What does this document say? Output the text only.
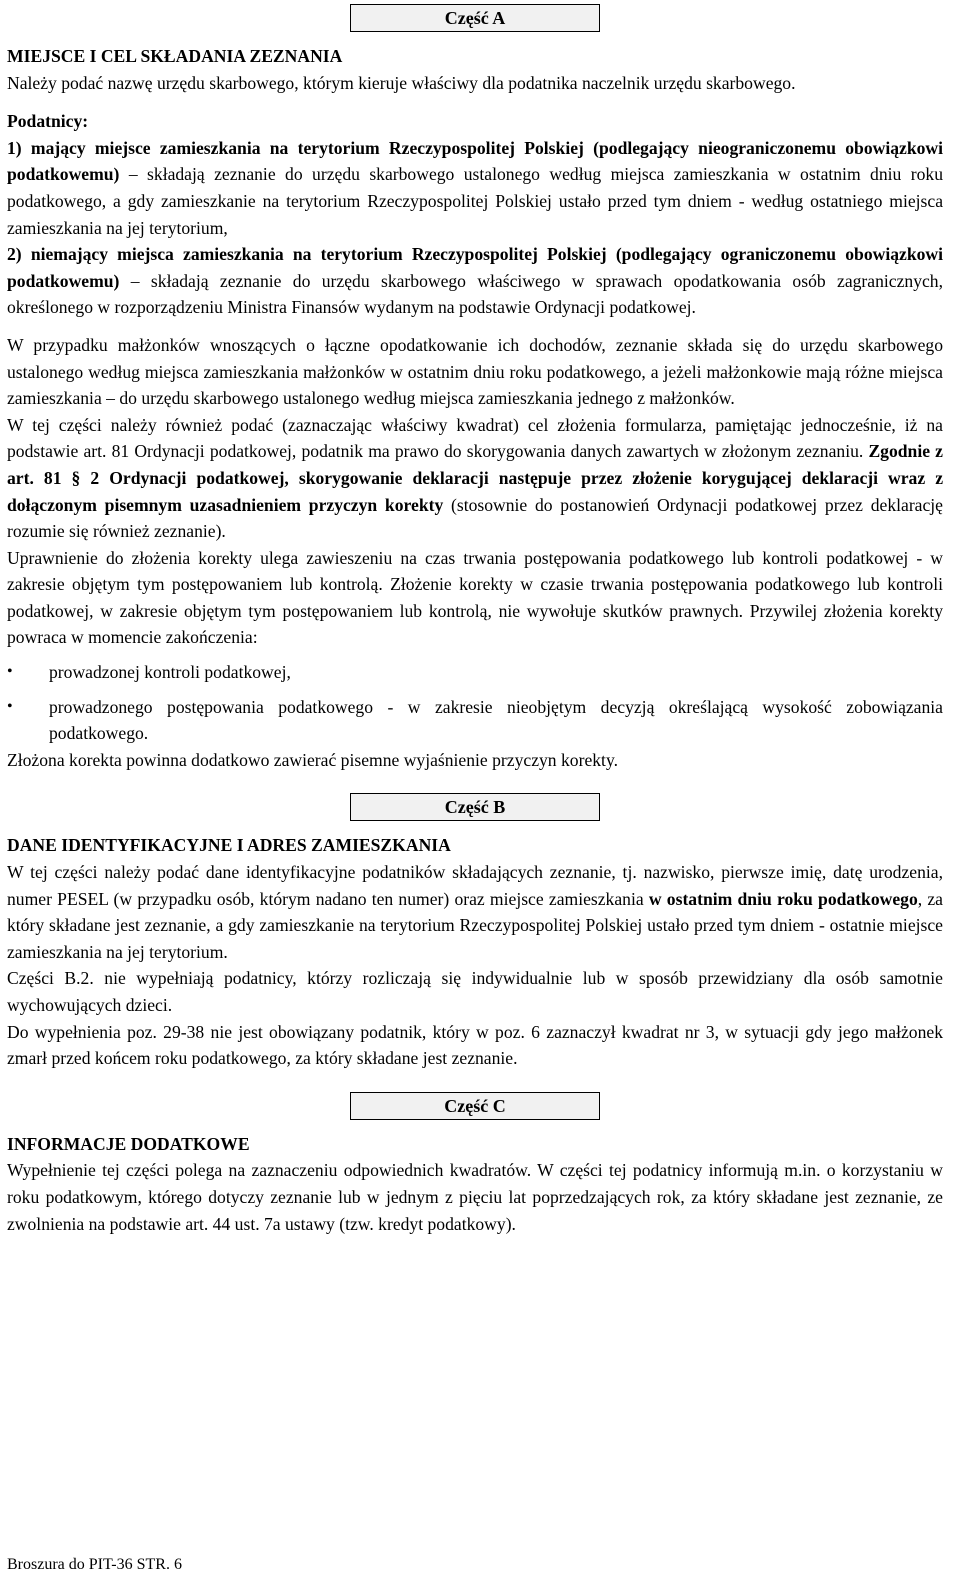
Część A
MIEJSCE I CEL SKŁADANIA ZEZNANIA

Należy podać nazwę urzędu skarbowego, którym kieruje właściwy dla podatnika naczelnik urzędu skarbowego.

Podatnicy:

1) mający miejsce zamieszkania na terytorium Rzeczypospolitej Polskiej (podlegający nieograniczonemu obowiązkowi podatkowemu) – składają zeznanie do urzędu skarbowego ustalonego według miejsca zamieszkania w ostatnim dniu roku podatkowego, a gdy zamieszkanie na terytorium Rzeczypospolitej Polskiej ustało przed tym dniem - według ostatniego miejsca zamieszkania na jej terytorium,

2) niemający miejsca zamieszkania na terytorium Rzeczypospolitej Polskiej (podlegający ograniczonemu obowiązkowi podatkowemu) – składają zeznanie do urzędu skarbowego właściwego w sprawach opodatkowania osób zagranicznych, określonego w rozporządzeniu Ministra Finansów wydanym na podstawie Ordynacji podatkowej.

W przypadku małżonków wnoszących o łączne opodatkowanie ich dochodów, zeznanie składa się do urzędu skarbowego ustalonego według miejsca zamieszkania małżonków w ostatnim dniu roku podatkowego, a jeżeli małżonkowie mają różne miejsca zamieszkania – do urzędu skarbowego ustalonego według miejsca zamieszkania jednego z małżonków.

W tej części należy również podać (zaznaczając właściwy kwadrat) cel złożenia formularza, pamiętając jednocześnie, iż na podstawie art. 81 Ordynacji podatkowej, podatnik ma prawo do skorygowania danych zawartych w złożonym zeznaniu. Zgodnie z art. 81 § 2 Ordynacji podatkowej, skorygowanie deklaracji następuje przez złożenie korygującej deklaracji wraz z dołączonym pisemnym uzasadnieniem przyczyn korekty (stosownie do postanowień Ordynacji podatkowej przez deklarację rozumie się również zeznanie).

Uprawnienie do złożenia korekty ulega zawieszeniu na czas trwania postępowania podatkowego lub kontroli podatkowej - w zakresie objętym tym postępowaniem lub kontrolą. Złożenie korekty w czasie trwania postępowania podatkowego lub kontroli podatkowej, w zakresie objętym tym postępowaniem lub kontrolą, nie wywołuje skutków prawnych. Przywilej złożenia korekty powraca w momencie zakończenia:

•	prowadzonej kontroli podatkowej,
•	prowadzonego postępowania podatkowego - w zakresie nieobjętym decyzją określającą wysokość zobowiązania podatkowego.

Złożona korekta powinna dodatkowo zawierać pisemne wyjaśnienie przyczyn korekty.

Część B
DANE IDENTYFIKACYJNE I ADRES ZAMIESZKANIA

W tej części należy podać dane identyfikacyjne podatników składających zeznanie, tj. nazwisko, pierwsze imię, datę urodzenia, numer PESEL (w przypadku osób, którym nadano ten numer) oraz miejsce zamieszkania w ostatnim dniu roku podatkowego, za który składane jest zeznanie, a gdy zamieszkanie na terytorium Rzeczypospolitej Polskiej ustało przed tym dniem - ostatnie miejsce zamieszkania na jej terytorium.

Części B.2. nie wypełniają podatnicy, którzy rozliczają się indywidualnie lub w sposób przewidziany dla osób samotnie wychowujących dzieci.

Do wypełnienia poz. 29-38 nie jest obowiązany podatnik, który w poz. 6 zaznaczył kwadrat nr 3, w sytuacji gdy jego małżonek zmarł przed końcem roku podatkowego, za który składane jest zeznanie.

Część C
INFORMACJE DODATKOWE

Wypełnienie tej części polega na zaznaczeniu odpowiednich kwadratów. W części tej podatnicy informują m.in. o korzystaniu w roku podatkowym, którego dotyczy zeznanie lub w jednym z pięciu lat poprzedzających rok, za który składane jest zeznanie, ze zwolnienia na podstawie art. 44 ust. 7a ustawy (tzw. kredyt podatkowy).

Broszura do PIT-36 STR. 6
